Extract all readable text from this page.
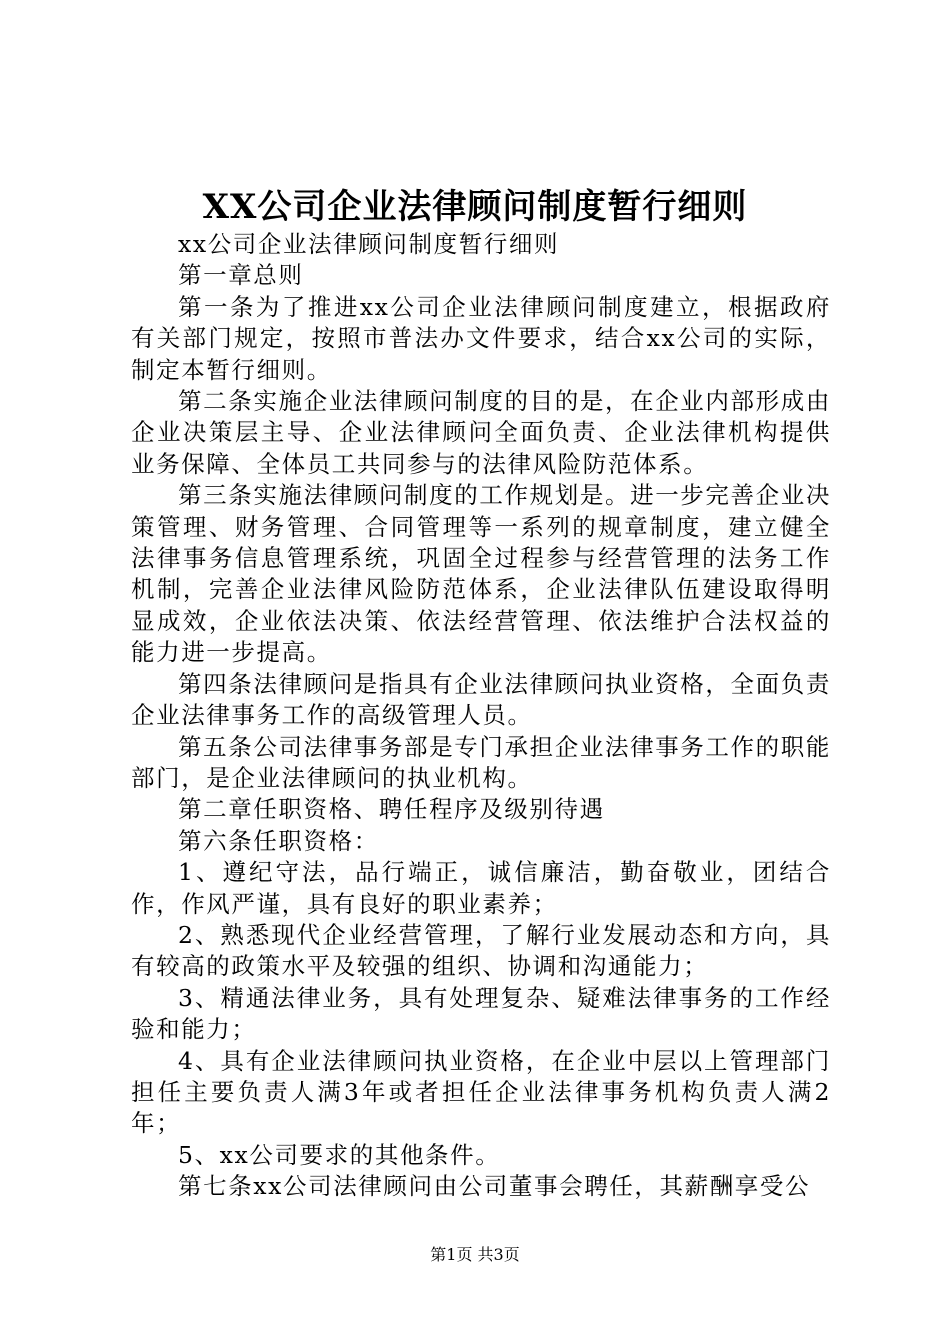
XX公司企业法律顾问制度暂行细则

xx公司企业法律顾问制度暂行细则

第一章总则

第一条为了推进xx公司企业法律顾问制度建立，根据政府有关部门规定，按照市普法办文件要求，结合xx公司的实际，制定本暂行细则。

第二条实施企业法律顾问制度的目的是，在企业内部形成由企业决策层主导、企业法律顾问全面负责、企业法律机构提供业务保障、全体员工共同参与的法律风险防范体系。

第三条实施法律顾问制度的工作规划是。进一步完善企业决策管理、财务管理、合同管理等一系列的规章制度，建立健全法律事务信息管理系统，巩固全过程参与经营管理的法务工作机制，完善企业法律风险防范体系，企业法律队伍建设取得明显成效，企业依法决策、依法经营管理、依法维护合法权益的能力进一步提高。

第四条法律顾问是指具有企业法律顾问执业资格，全面负责企业法律事务工作的高级管理人员。

第五条公司法律事务部是专门承担企业法律事务工作的职能部门，是企业法律顾问的执业机构。

第二章任职资格、聘任程序及级别待遇

第六条任职资格：

1、遵纪守法，品行端正，诚信廉洁，勤奋敬业，团结合作，作风严谨，具有良好的职业素养；

2、熟悉现代企业经营管理，了解行业发展动态和方向，具有较高的政策水平及较强的组织、协调和沟通能力；

3、精通法律业务，具有处理复杂、疑难法律事务的工作经验和能力；

4、具有企业法律顾问执业资格，在企业中层以上管理部门担任主要负责人满3年或者担任企业法律事务机构负责人满2年；

5、xx公司要求的其他条件。

第七条xx公司法律顾问由公司董事会聘任，其薪酬享受公

第1页 共3页
